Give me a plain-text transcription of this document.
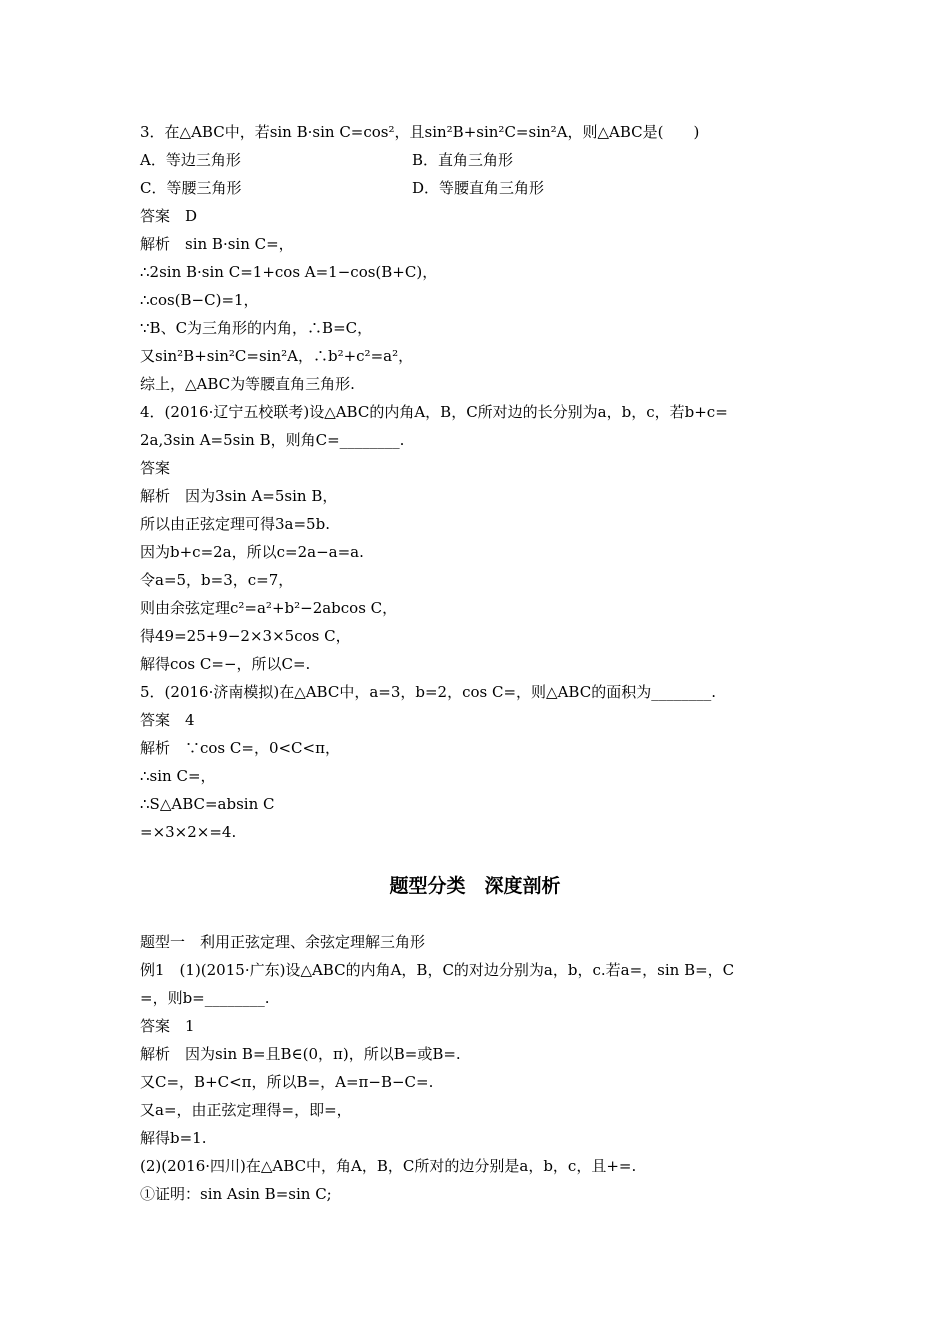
3．在△ABC中，若sin B·sin C=cos²，且sin²B+sin²C=sin²A，则△ABC是(　　)
A．等边三角形	B．直角三角形
C．等腰三角形	D．等腰直角三角形
答案　D
解析　sin B·sin C=，
∴2sin B·sin C=1+cos A=1−cos(B+C)，
∴cos(B−C)=1，
∵B、C为三角形的内角，∴B=C，
又sin²B+sin²C=sin²A，∴b²+c²=a²，
综上，△ABC为等腰直角三角形.
4．(2016·辽宁五校联考)设△ABC的内角A，B，C所对边的长分别为a，b，c，若b+c=
2a,3sin A=5sin B，则角C=________.
答案
解析　因为3sin A=5sin B，
所以由正弦定理可得3a=5b.
因为b+c=2a，所以c=2a−a=a.
令a=5，b=3，c=7，
则由余弦定理c²=a²+b²−2abcos C，
得49=25+9−2×3×5cos C，
解得cos C=−，所以C=.
5．(2016·济南模拟)在△ABC中，a=3，b=2，cos C=，则△ABC的面积为________.
答案　4
解析　∵cos C=，0<C<π，
∴sin C=，
∴S△ABC=absin C
=×3×2×=4.
题型分类　深度剖析
题型一　利用正弦定理、余弦定理解三角形
例1　(1)(2015·广东)设△ABC的内角A，B，C的对边分别为a，b，c.若a=，sin B=，C
=，则b=________.
答案　1
解析　因为sin B=且B∈(0，π)，所以B=或B=.
又C=，B+C<π，所以B=，A=π−B−C=.
又a=，由正弦定理得=，即=，
解得b=1.
(2)(2016·四川)在△ABC中，角A，B，C所对的边分别是a，b，c，且+=.
①证明：sin Asin B=sin C;
